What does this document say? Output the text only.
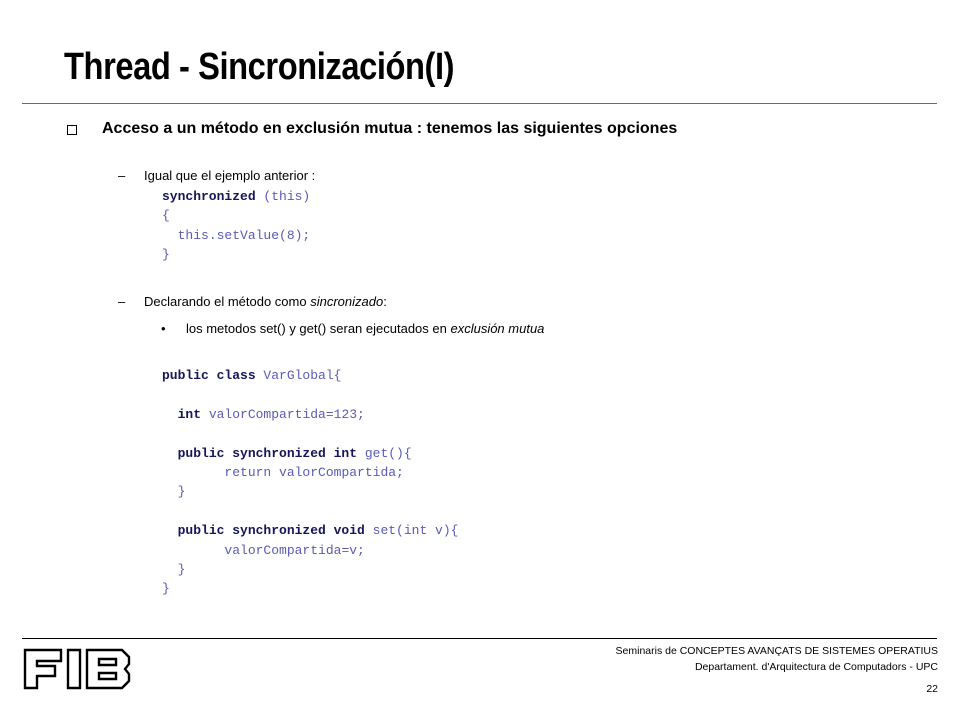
Thread - Sincronización(I)
Acceso a un método en exclusión mutua : tenemos las siguientes opciones
– Igual que el ejemplo anterior :
synchronized (this)
{
this.setValue(8);
}
– Declarando el método como sincronizado:
• los metodos set() y get() seran ejecutados en exclusión mutua
public class VarGlobal{

int valorCompartida=123;

public synchronized int get(){
return valorCompartida;
}

public synchronized void set(int v){
valorCompartida=v;
}
}
Seminaris de CONCEPTES AVANÇATS DE SISTEMES OPERATIUS
Departament. d'Arquitectura de Computadors - UPC
22
